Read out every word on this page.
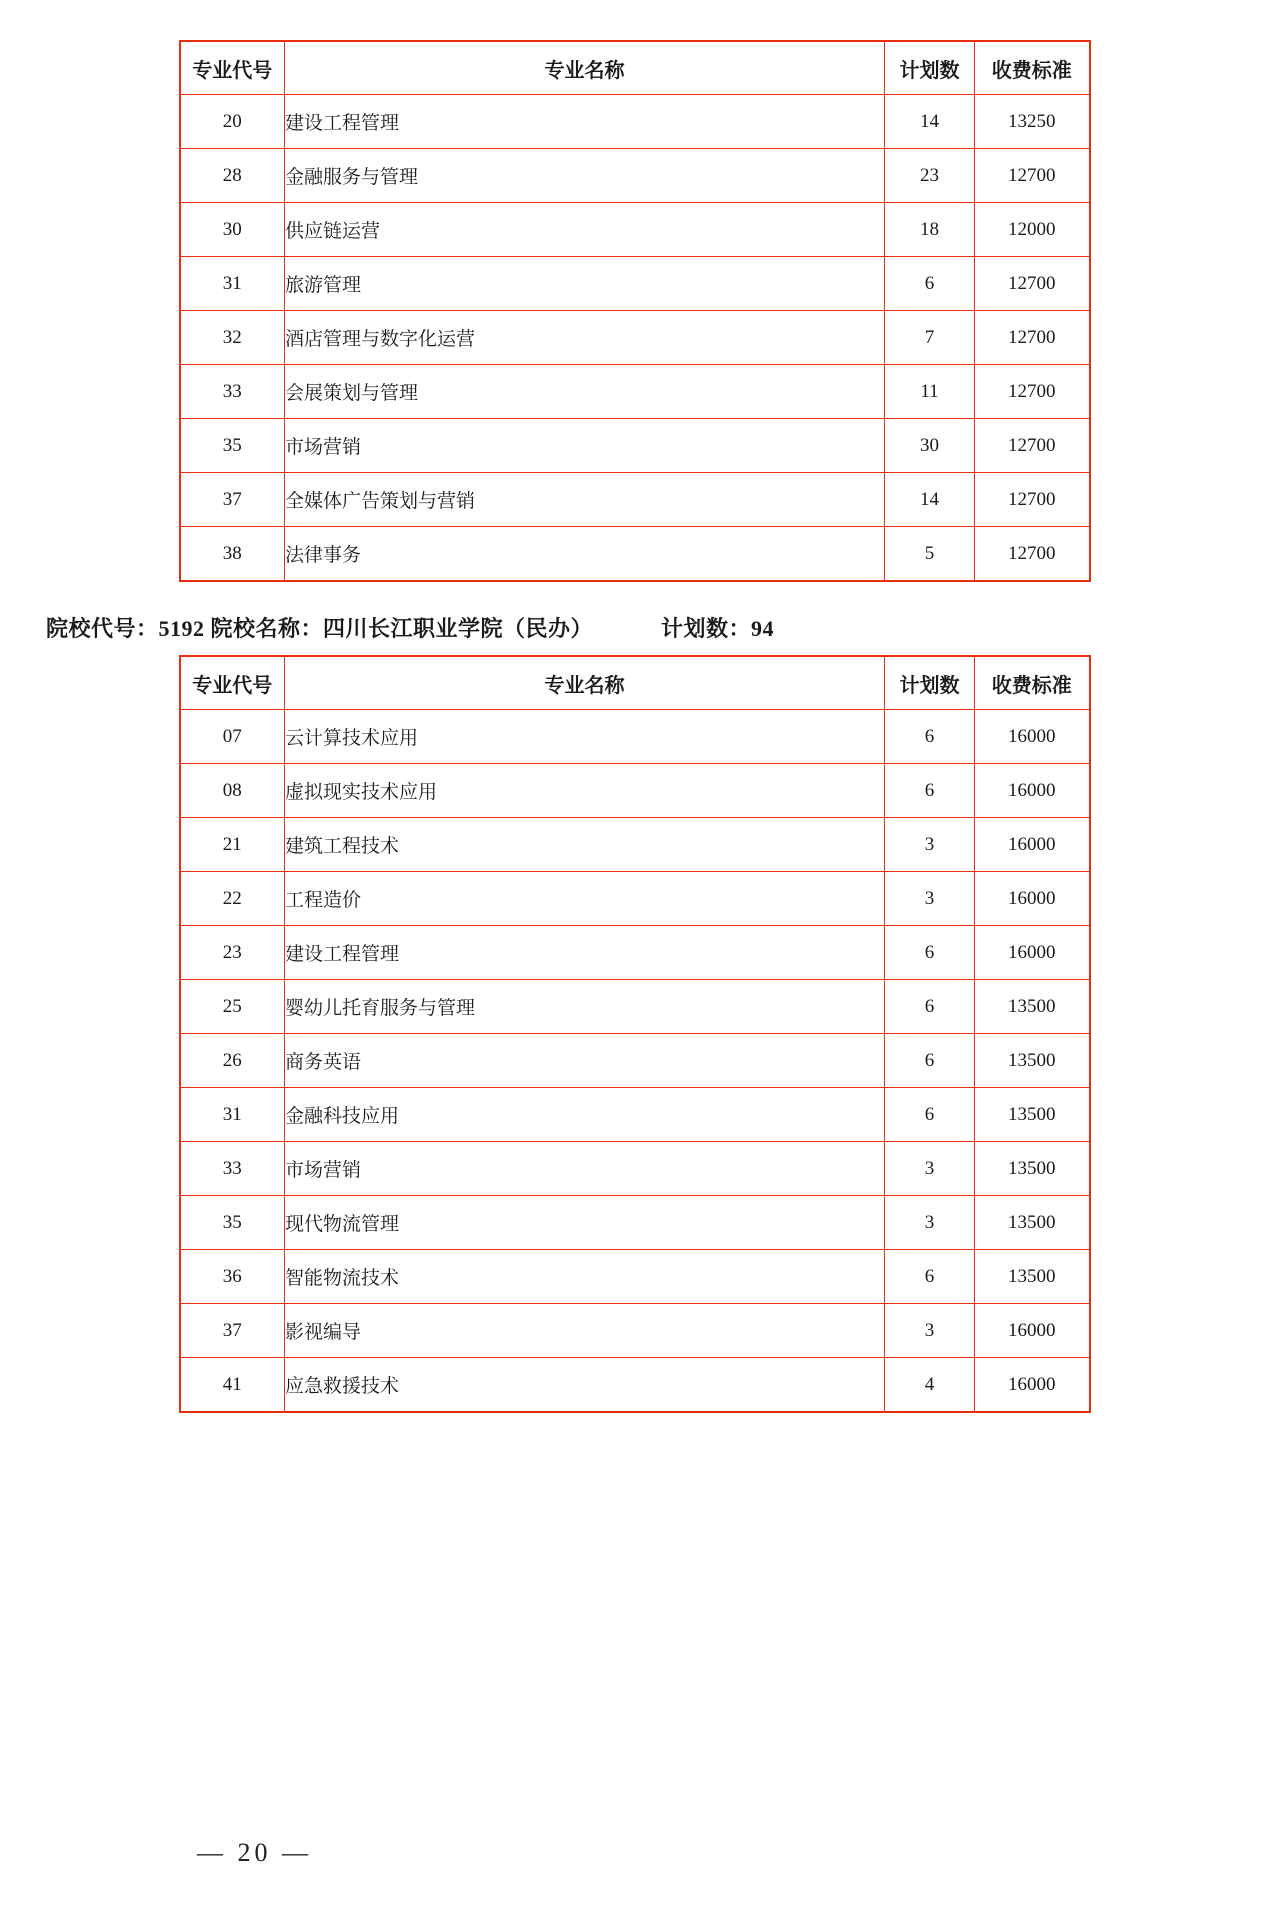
专业代号	专业名称	计划数	收费标准
20	建设工程管理	14	13250
28	金融服务与管理	23	12700
30	供应链运营	18	12000
31	旅游管理	6	12700
32	酒店管理与数字化运营	7	12700
33	会展策划与管理	11	12700
35	市场营销	30	12700
37	全媒体广告策划与营销	14	12700
38	法律事务	5	12700
院校代号：5192 院校名称：四川长江职业学院（民办）	计划数：94
专业代号	专业名称	计划数	收费标准
07	云计算技术应用	6	16000
08	虚拟现实技术应用	6	16000
21	建筑工程技术	3	16000
22	工程造价	3	16000
23	建设工程管理	6	16000
25	婴幼儿托育服务与管理	6	13500
26	商务英语	6	13500
31	金融科技应用	6	13500
33	市场营销	3	13500
35	现代物流管理	3	13500
36	智能物流技术	6	13500
37	影视编导	3	16000
41	应急救援技术	4	16000
— 20 —
